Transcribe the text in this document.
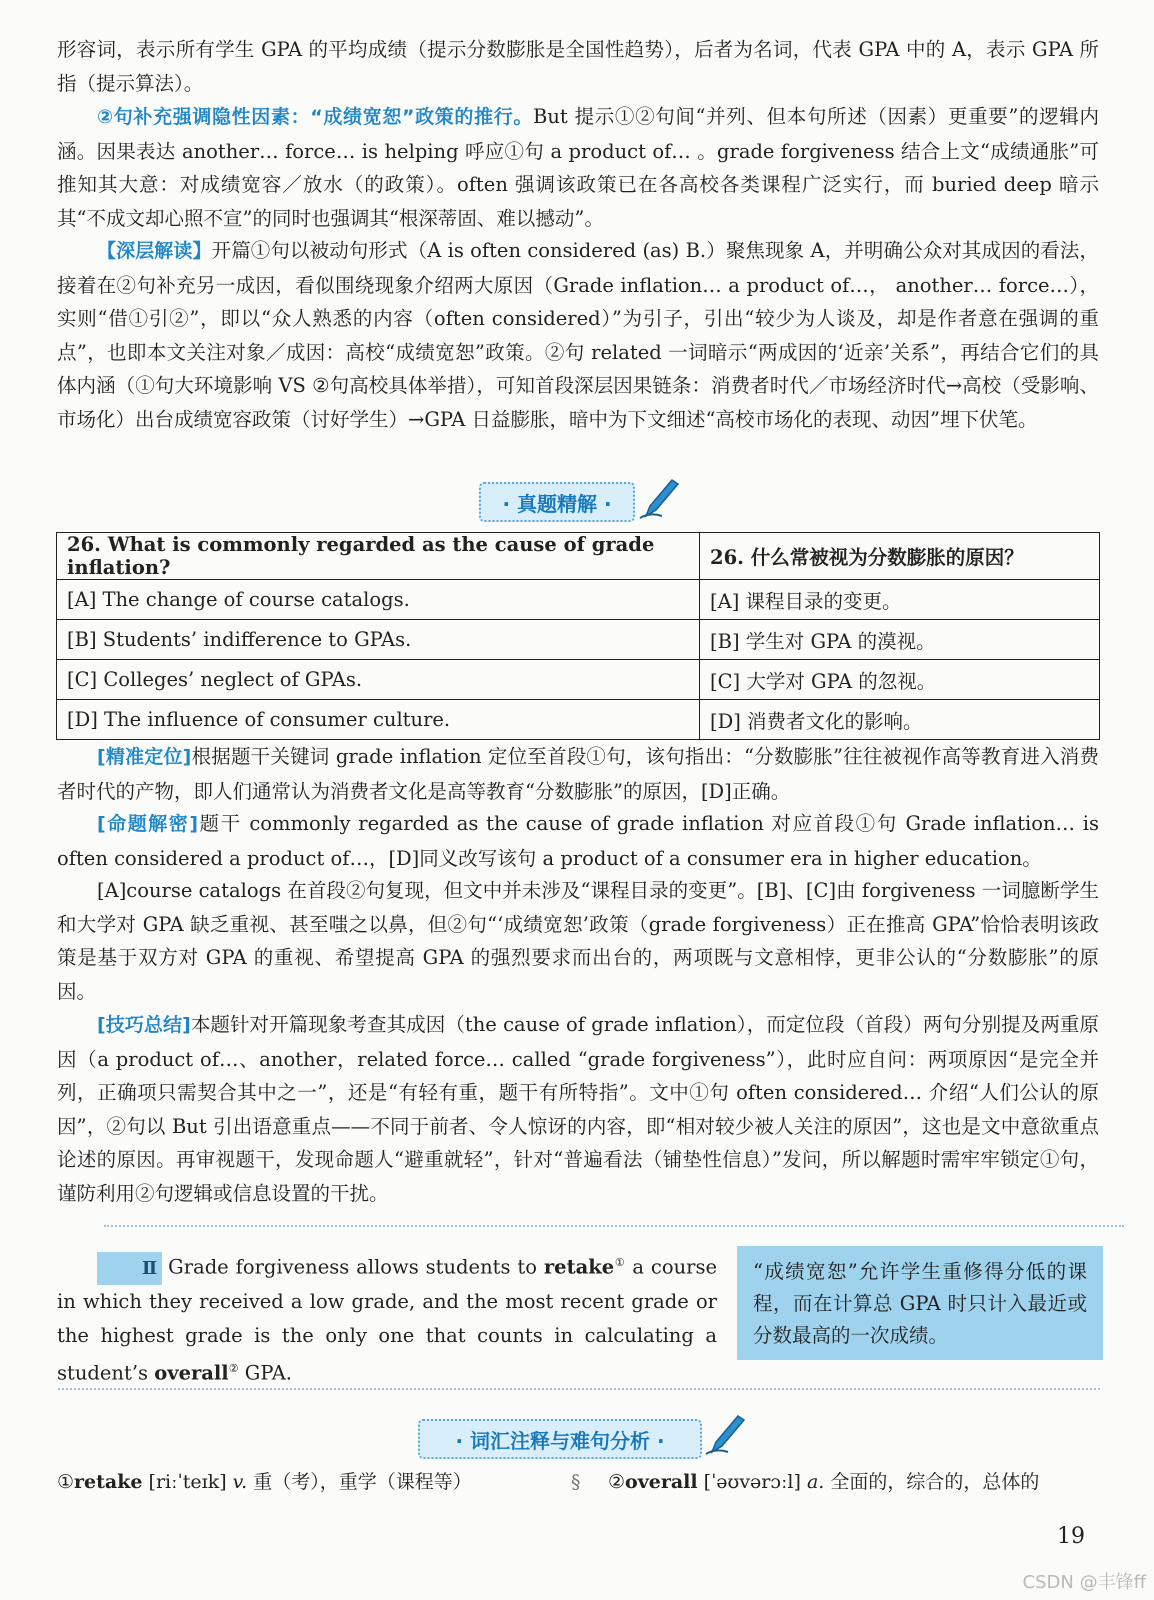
形容词，表示所有学生 GPA 的平均成绩（提示分数膨胀是全国性趋势），后者为名词，代表 GPA 中的 A，表示 GPA 所指（提示算法）。

②句补充强调隐性因素：“成绩宽恕”政策的推行。But 提示①②句间“并列、但本句所述（因素）更重要”的逻辑内涵。因果表达 another… force… is helping 呼应①句 a product of… 。grade forgiveness 结合上文“成绩通胀”可推知其大意：对成绩宽容／放水（的政策）。often 强调该政策已在各高校各类课程广泛实行，而 buried deep 暗示其“不成文却心照不宣”的同时也强调其“根深蒂固、难以撼动”。

【深层解读】开篇①句以被动句形式（A is often considered (as) B.）聚焦现象 A，并明确公众对其成因的看法，接着在②句补充另一成因，看似围绕现象介绍两大原因（Grade inflation… a product of…， another… force…），实则“借①引②”，即以“众人熟悉的内容（often considered）”为引子，引出“较少为人谈及，却是作者意在强调的重点”，也即本文关注对象／成因：高校“成绩宽恕”政策。②句 related 一词暗示“两成因的‘近亲’关系”，再结合它们的具体内涵（①句大环境影响 VS ②句高校具体举措），可知首段深层因果链条：消费者时代／市场经济时代→高校（受影响、市场化）出台成绩宽容政策（讨好学生）→GPA 日益膨胀，暗中为下文细述“高校市场化的表现、动因”埋下伏笔。

· 真题精解 ·
26. What is commonly regarded as the cause of grade inflation?	26. 什么常被视为分数膨胀的原因？
[A] The change of course catalogs.	[A] 课程目录的变更。
[B] Students’ indifference to GPAs.	[B] 学生对 GPA 的漠视。
[C] Colleges’ neglect of GPAs.	[C] 大学对 GPA 的忽视。
[D] The influence of consumer culture.	[D] 消费者文化的影响。

[精准定位]根据题干关键词 grade inflation 定位至首段①句，该句指出：“分数膨胀”往往被视作高等教育进入消费者时代的产物，即人们通常认为消费者文化是高等教育“分数膨胀”的原因，[D]正确。

[命题解密]题干 commonly regarded as the cause of grade inflation 对应首段①句 Grade inflation… is often considered a product of…，[D]同义改写该句 a product of a consumer era in higher education。

[A]course catalogs 在首段②句复现，但文中并未涉及“课程目录的变更”。[B]、[C]由 forgiveness 一词臆断学生和大学对 GPA 缺乏重视、甚至嗤之以鼻，但②句“‘成绩宽恕’政策（grade forgiveness）正在推高 GPA”恰恰表明该政策是基于双方对 GPA 的重视、希望提高 GPA 的强烈要求而出台的，两项既与文意相悖，更非公认的“分数膨胀”的原因。

[技巧总结]本题针对开篇现象考查其成因（the cause of grade inflation），而定位段（首段）两句分别提及两重原因（a product of…、another，related force… called “grade forgiveness”），此时应自问：两项原因“是完全并列，正确项只需契合其中之一”，还是“有轻有重，题干有所特指”。文中①句 often considered… 介绍“人们公认的原因”，②句以 But 引出语意重点——不同于前者、令人惊讶的内容，即“相对较少被人关注的原因”，这也是文中意欲重点论述的原因。再审视题干，发现命题人“避重就轻”，针对“普遍看法（铺垫性信息）”发问，所以解题时需牢牢锁定①句，谨防利用②句逻辑或信息设置的干扰。

Ⅱ Grade forgiveness allows students to retake① a course in which they received a low grade, and the most recent grade or the highest grade is the only one that counts in calculating a student’s overall② GPA.

“成绩宽恕”允许学生重修得分低的课程，而在计算总 GPA 时只计入最近或分数最高的一次成绩。
· 词汇注释与难句分析 ·
①retake [riːˈteɪk] v. 重（考），重学（课程等）	§ ②overall [ˈəʊvərɔːl] a. 全面的，综合的，总体的
19
CSDN @丰锋ff
